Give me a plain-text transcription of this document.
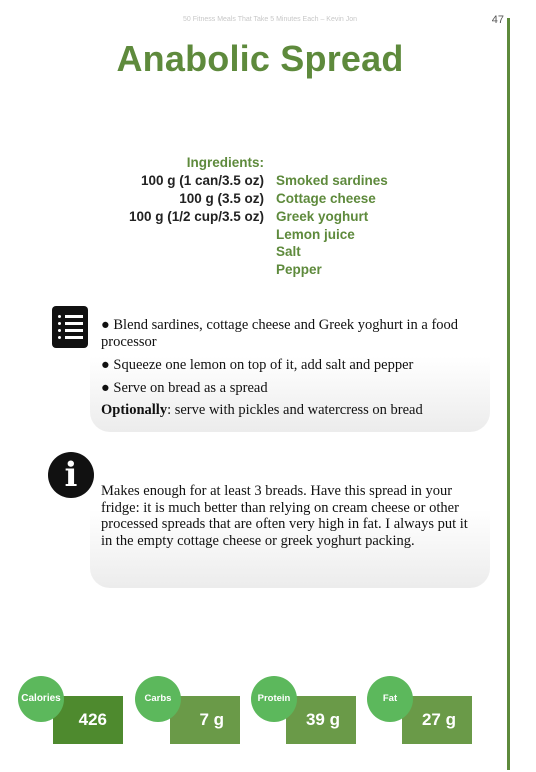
50 Fitness Meals That Take 5 Minutes Each – Kevin Jon	47
Anabolic Spread
Ingredients:
100 g (1 can/3.5 oz) Smoked sardines
100 g (3.5 oz) Cottage cheese
100 g (1/2 cup/3.5 oz) Greek yoghurt
Lemon juice
Salt
Pepper
● Blend sardines, cottage cheese and Greek yoghurt in a food processor
● Squeeze one lemon on top of it, add salt and pepper
● Serve on bread as a spread
Optionally: serve with pickles and watercress on bread
i	Makes enough for at least 3 breads. Have this spread in your fridge: it is much better than relying on cream cheese or other processed spreads that are often very high in fat. I always put it in the empty cottage cheese or greek yoghurt packing.
426
Calories
7 g
Carbs
39 g
Protein
27 g
Fat
